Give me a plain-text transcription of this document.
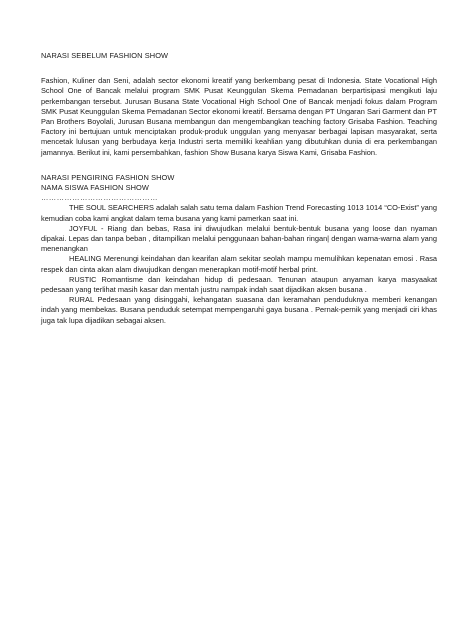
NARASI SEBELUM FASHION SHOW

Fashion, Kuliner dan Seni, adalah sector ekonomi kreatif yang berkembang pesat di Indonesia. State Vocational High School One of Bancak melalui program SMK Pusat Keunggulan Skema Pemadanan berpartisipasi mengikuti laju perkembangan tersebut. Jurusan Busana State Vocational High School One of Bancak menjadi fokus dalam Program SMK Pusat Keunggulan Skema Pemadanan Sector ekonomi kreatif. Bersama dengan PT Ungaran Sari Garment dan PT Pan Brothers Boyolali, Jurusan Busana membangun dan mengembangkan teaching factory Grisaba Fashion. Teaching Factory ini bertujuan untuk menciptakan produk-produk unggulan yang menyasar berbagai lapisan masyarakat, serta mencetak lulusan yang berbudaya kerja Industri serta memiliki keahlian yang dibutuhkan dunia di era perkembangan jamannya. Berikut ini, kami persembahkan, fashion Show Busana karya Siswa Kami, Grisaba Fashion.

NARASI PENGIRING FASHION SHOW

NAMA SISWA FASHION SHOW

………………………………………

THE SOUL SEARCHERS adalah salah satu tema dalam Fashion Trend Forecasting 1013 1014 “CO-Exist” yang kemudian coba kami angkat dalam tema busana yang kami pamerkan saat ini.

JOYFUL - Riang dan bebas, Rasa ini diwujudkan melalui bentuk-bentuk busana yang loose dan nyaman dipakai. Lepas dan tanpa beban , ditampilkan melalui penggunaan bahan-bahan ringan| dengan warna-warna alam yang menenangkan

HEALING Merenungi keindahan dan kearifan alam sekitar seolah mampu memulihkan kepenatan emosi . Rasa respek dan cinta akan alam diwujudkan dengan menerapkan motif-motif herbal print.

RUSTIC Romantisme dan keindahan hidup di pedesaan. Tenunan ataupun anyaman karya masyaakat pedesaan yang terlihat masih kasar dan mentah justru nampak indah saat dijadikan aksen busana .

RURAL Pedesaan yang disinggahi, kehangatan suasana dan keramahan penduduknya memberi kenangan indah yang membekas. Busana penduduk setempat mempengaruhi gaya busana . Pernak-pernik yang menjadi ciri khas juga tak lupa dijadikan sebagai aksen.
